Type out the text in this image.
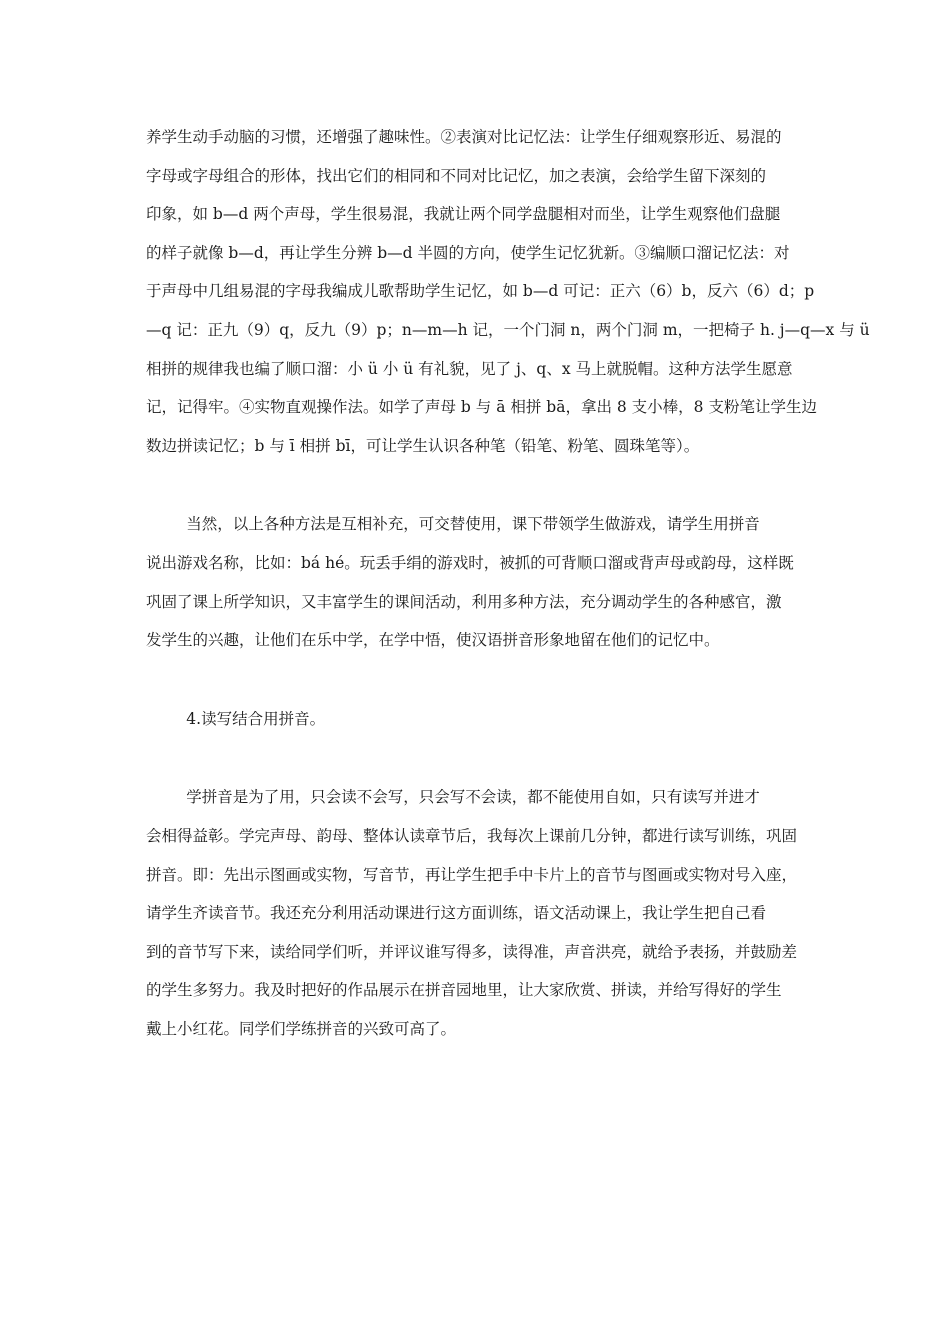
养学生动手动脑的习惯，还增强了趣味性。②表演对比记忆法：让学生仔细观察形近、易混的
字母或字母组合的形体，找出它们的相同和不同对比记忆，加之表演，会给学生留下深刻的
印象，如 b—d 两个声母，学生很易混，我就让两个同学盘腿相对而坐，让学生观察他们盘腿
的样子就像 b—d，再让学生分辨 b—d 半圆的方向，使学生记忆犹新。③编顺口溜记忆法：对
于声母中几组易混的字母我编成儿歌帮助学生记忆，如 b—d 可记：正六（6）b，反六（6）d；p
—q 记：正九（9）q，反九（9）p；n—m—h 记，一个门洞 n，两个门洞 m，一把椅子 h. j—q—x 与 ü
相拼的规律我也编了顺口溜：小 ü 小 ü 有礼貌，见了 j、q、x 马上就脱帽。这种方法学生愿意
记，记得牢。④实物直观操作法。如学了声母 b 与 ā 相拼 bā，拿出 8 支小棒，8 支粉笔让学生边
数边拼读记忆；b 与 ī 相拼 bī，可让学生认识各种笔（铅笔、粉笔、圆珠笔等）。

当然，以上各种方法是互相补充，可交替使用，课下带领学生做游戏，请学生用拼音
说出游戏名称，比如：bá hé。玩丢手绢的游戏时，被抓的可背顺口溜或背声母或韵母，这样既
巩固了课上所学知识，又丰富学生的课间活动，利用多种方法，充分调动学生的各种感官，激
发学生的兴趣，让他们在乐中学，在学中悟，使汉语拼音形象地留在他们的记忆中。

4.读写结合用拼音。

学拼音是为了用，只会读不会写，只会写不会读，都不能使用自如，只有读写并进才
会相得益彰。学完声母、韵母、整体认读章节后，我每次上课前几分钟，都进行读写训练，巩固
拼音。即：先出示图画或实物，写音节，再让学生把手中卡片上的音节与图画或实物对号入座，
请学生齐读音节。我还充分利用活动课进行这方面训练，语文活动课上，我让学生把自己看
到的音节写下来，读给同学们听，并评议谁写得多，读得准，声音洪亮，就给予表扬，并鼓励差
的学生多努力。我及时把好的作品展示在拼音园地里，让大家欣赏、拼读，并给写得好的学生
戴上小红花。同学们学练拼音的兴致可高了。
